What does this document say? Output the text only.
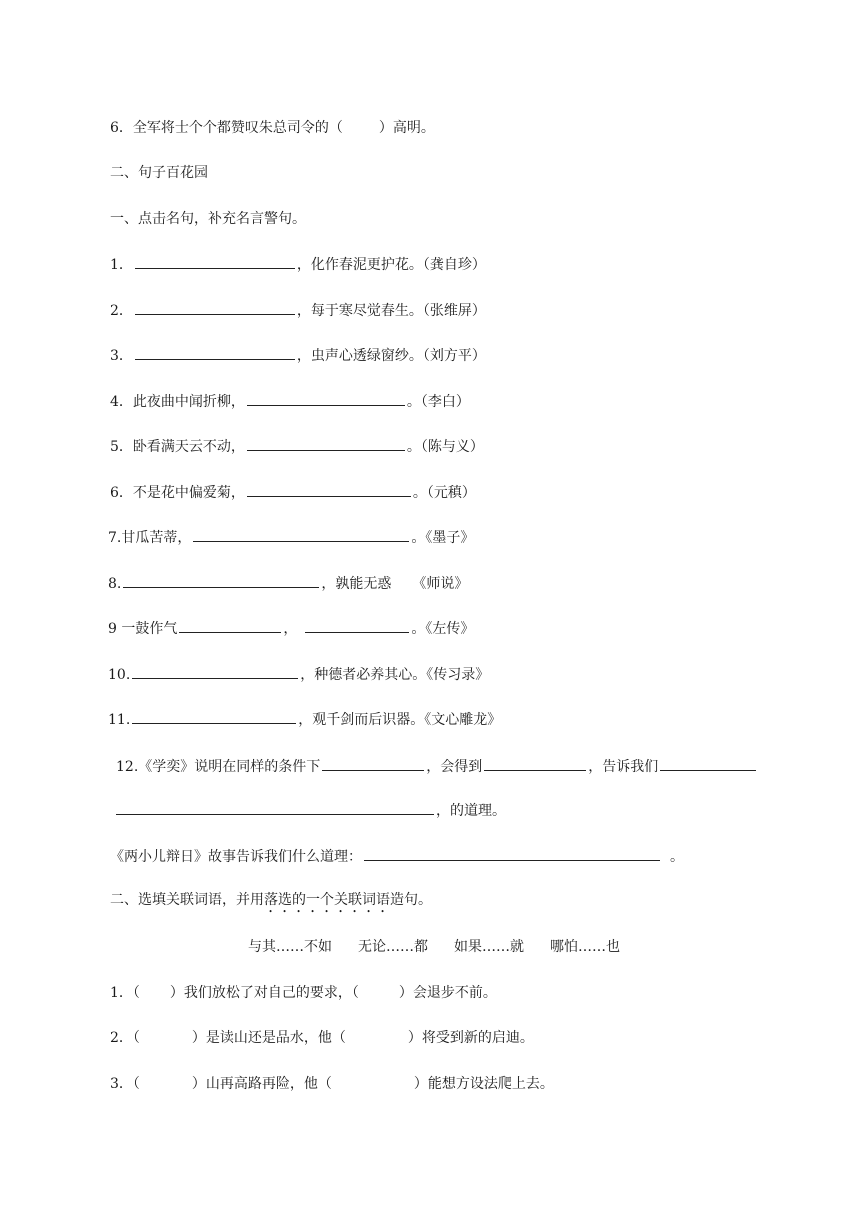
6．全军将士个个都赞叹朱总司令的（	）高明。
二、句子百花园
一、点击名句，补充名言警句。
1．	，化作春泥更护花。（龚自珍）
2．	，每于寒尽觉春生。（张维屏）
3．	，虫声心透绿窗纱。（刘方平）
4．此夜曲中闻折柳，	。（李白）
5．卧看满天云不动，	。（陈与义）
6．不是花中偏爱菊，	。（元稹）
7.甘瓜苦蒂，	。《墨子》
8.	，孰能无惑　　《师说》
9 一鼓作气	，	。《左传》
10.	，种德者必养其心。《传习录》
11.	，观千剑而后识器。《文心雕龙》
12.《学奕》说明在同样的条件下	，会得到	，告诉我们
，的道理。
《两小儿辩日》故事告诉我们什么道理：	。
二、选填关联词语，并用落选的一个关联词语造句。
与其……不如 无论……都 如果……就 哪怕……也
1．（ ）我们放松了对自己的要求，（	）会退步不前。
2．（	）是读山还是品水，他（	）将受到新的启迪。
3．（	）山再高路再险，他（	）能想方设法爬上去。
